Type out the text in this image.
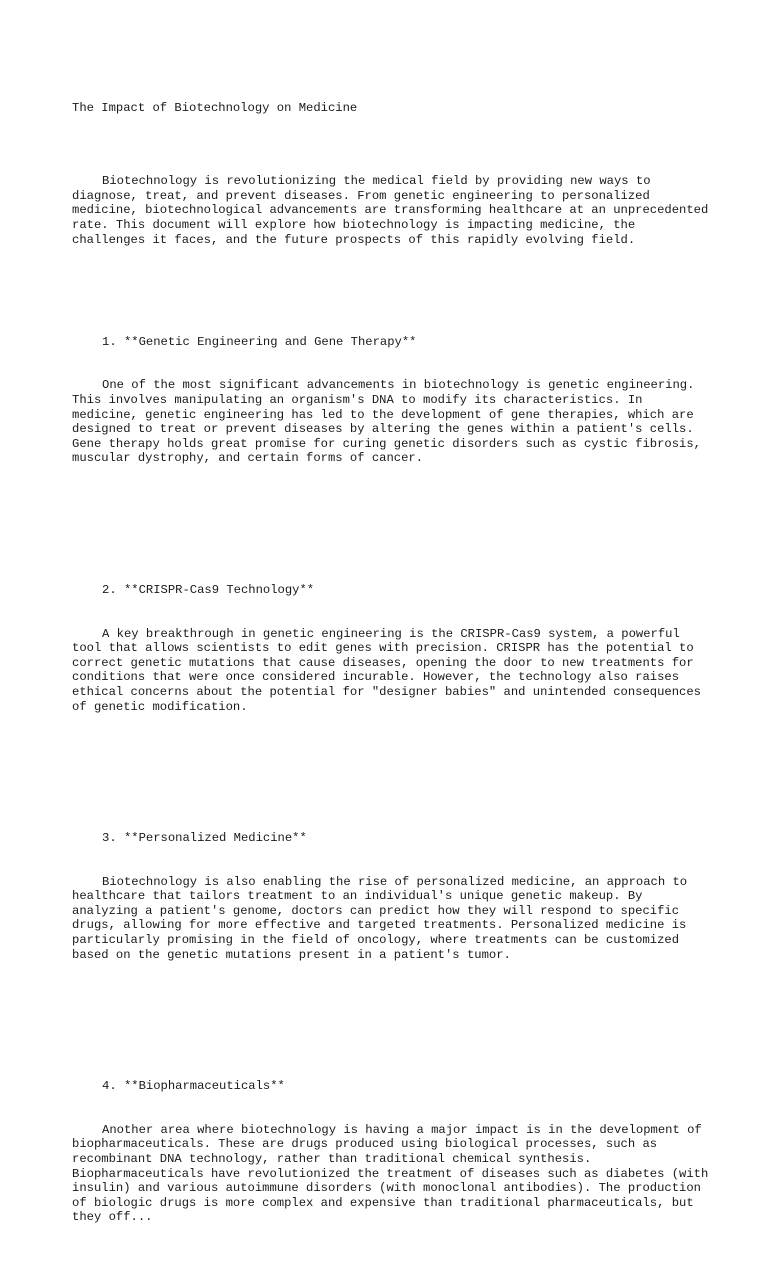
The Impact of Biotechnology on Medicine

Biotechnology is revolutionizing the medical field by providing new ways to diagnose, treat, and prevent diseases. From genetic engineering to personalized medicine, biotechnological advancements are transforming healthcare at an unprecedented rate. This document will explore how biotechnology is impacting medicine, the challenges it faces, and the future prospects of this rapidly evolving field.

1. **Genetic Engineering and Gene Therapy**

One of the most significant advancements in biotechnology is genetic engineering. This involves manipulating an organism's DNA to modify its characteristics. In medicine, genetic engineering has led to the development of gene therapies, which are designed to treat or prevent diseases by altering the genes within a patient's cells. Gene therapy holds great promise for curing genetic disorders such as cystic fibrosis, muscular dystrophy, and certain forms of cancer.

2. **CRISPR-Cas9 Technology**

A key breakthrough in genetic engineering is the CRISPR-Cas9 system, a powerful tool that allows scientists to edit genes with precision. CRISPR has the potential to correct genetic mutations that cause diseases, opening the door to new treatments for conditions that were once considered incurable. However, the technology also raises ethical concerns about the potential for "designer babies" and unintended consequences of genetic modification.

3. **Personalized Medicine**

Biotechnology is also enabling the rise of personalized medicine, an approach to healthcare that tailors treatment to an individual's unique genetic makeup. By analyzing a patient's genome, doctors can predict how they will respond to specific drugs, allowing for more effective and targeted treatments. Personalized medicine is particularly promising in the field of oncology, where treatments can be customized based on the genetic mutations present in a patient's tumor.

4. **Biopharmaceuticals**

Another area where biotechnology is having a major impact is in the development of biopharmaceuticals. These are drugs produced using biological processes, such as recombinant DNA technology, rather than traditional chemical synthesis. Biopharmaceuticals have revolutionized the treatment of diseases such as diabetes (with insulin) and various autoimmune disorders (with monoclonal antibodies). The production of biologic drugs is more complex and expensive than traditional pharmaceuticals, but they off...
